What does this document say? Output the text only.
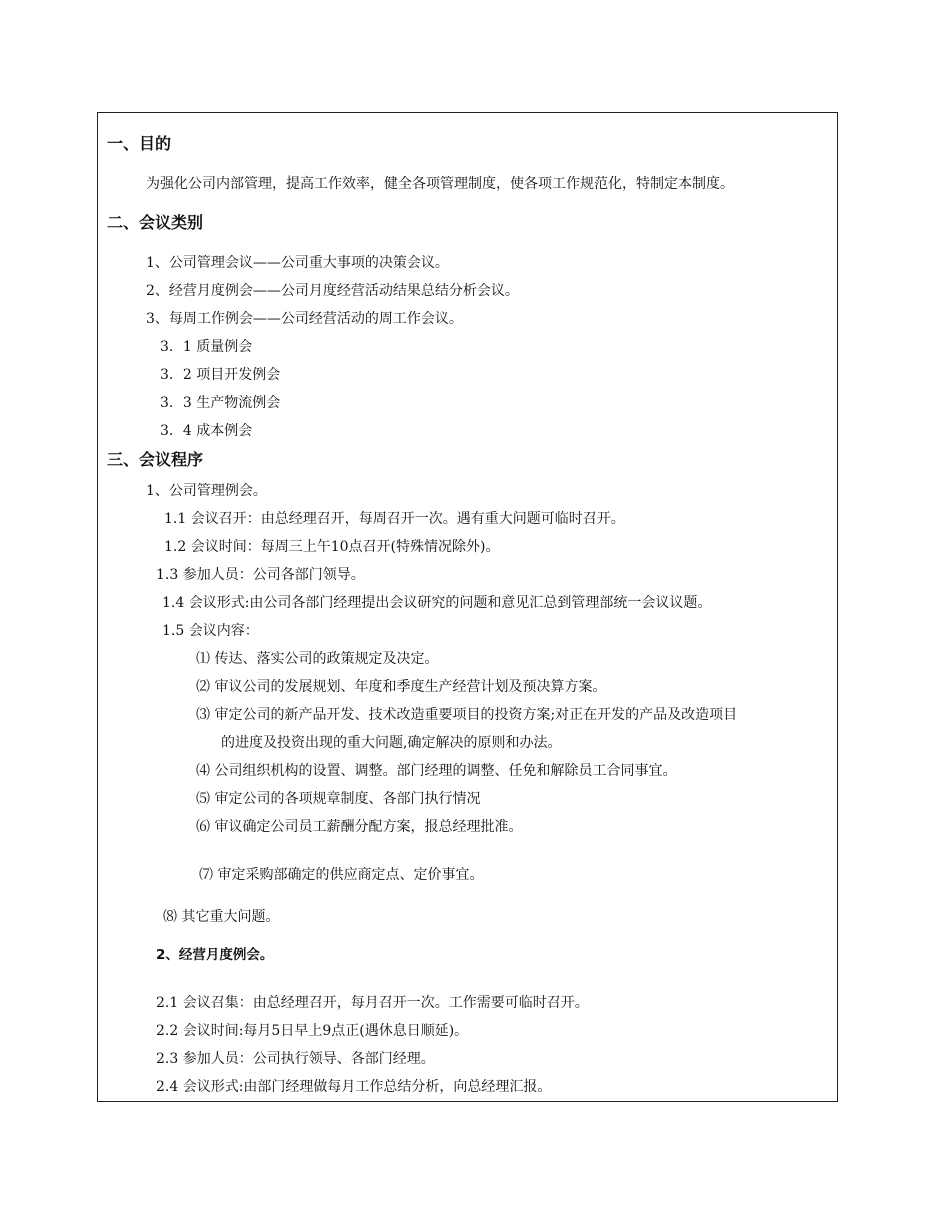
一、目的
为强化公司内部管理，提高工作效率，健全各项管理制度，使各项工作规范化，特制定本制度。
二、会议类别
1、公司管理会议——公司重大事项的决策会议。
2、经营月度例会——公司月度经营活动结果总结分析会议。
3、每周工作例会——公司经营活动的周工作会议。
3．1 质量例会
3．2 项目开发例会
3．3 生产物流例会
3．4 成本例会
三、会议程序
1、公司管理例会。
1.1 会议召开：由总经理召开，每周召开一次。遇有重大问题可临时召开。
1.2 会议时间：每周三上午10点召开(特殊情况除外)。
1.3 参加人员：公司各部门领导。
1.4 会议形式:由公司各部门经理提出会议研究的问题和意见汇总到管理部统一会议议题。
1.5 会议内容：
⑴ 传达、落实公司的政策规定及决定。
⑵ 审议公司的发展规划、年度和季度生产经营计划及预决算方案。
⑶ 审定公司的新产品开发、技术改造重要项目的投资方案;对正在开发的产品及改造项目
的进度及投资出现的重大问题,确定解决的原则和办法。
⑷ 公司组织机构的设置、调整。部门经理的调整、任免和解除员工合同事宜。
⑸ 审定公司的各项规章制度、各部门执行情况
⑹ 审议确定公司员工薪酬分配方案，报总经理批准。
⑺ 审定采购部确定的供应商定点、定价事宜。
⑻ 其它重大问题。
2、经营月度例会。
2.1 会议召集：由总经理召开，每月召开一次。工作需要可临时召开。
2.2 会议时间:每月5日早上9点正(遇休息日顺延)。
2.3 参加人员：公司执行领导、各部门经理。
2.4 会议形式:由部门经理做每月工作总结分析，向总经理汇报。
